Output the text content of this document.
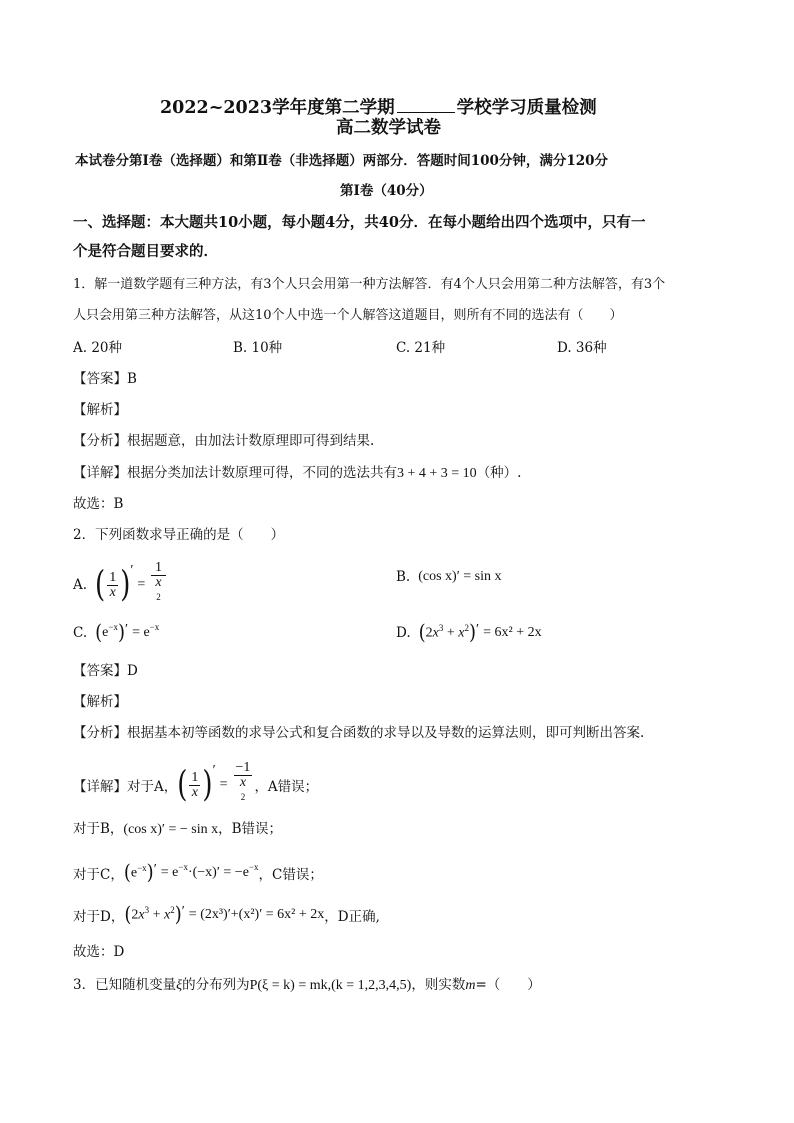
2022~2023学年度第二学期	学校学习质量检测
高二数学试卷
本试卷分第Ⅰ卷（选择题）和第Ⅱ卷（非选择题）两部分．答题时间100分钟，满分120分
第Ⅰ卷（40分）
一、选择题：本大题共10小题，每小题4分，共40分．在每小题给出四个选项中，只有一
个是符合题目要求的．
1．解一道数学题有三种方法，有3个人只会用第一种方法解答．有4个人只会用第二种方法解答，有3个
人只会用第三种方法解答，从这10个人中选一个人解答这道题目，则所有不同的选法有（　　）
A. 20种	B. 10种	C. 21种	D. 36种
【答案】B
【解析】
【分析】根据题意，由加法计数原理即可得到结果.
【详解】根据分类加法计数原理可得，不同的选法共有3 + 4 + 3 = 10（种）.
故选：B
2．下列函数求导正确的是（　　）
A. ( $\frac{1}{x}$ ) ′
= 1
x
$^2$	B. (cos x)′ = sin x
C. ( $e^{-x}$ ) ′ = $e^{-x}$	D. ( $2x^3 + x^2$ ) ′ = 6x² + 2x
【答案】D
【解析】
【分析】根据基本初等函数的求导公式和复合函数的求导以及导数的运算法则，即可判断出答案.
【详解】 对于A， ( $\frac{1}{x}$ ) ′
= −1
x
$^2$ ，A错误；
对于B，(cos x)′ = − sin x，B错误；
对于C， ( $e^{-x}$ ) ′ = $e^{-x} \cdot(-x)' = -e^{-x}$ ，C错误；
对于D， ( $2x^3 + x^2$ ) ′ = (2x³)′+(x²)′ = 6x² + 2x ，D正确,
故选：D
3．已知随机变量ξ的分布列为P(ξ = k) = mk,(k = 1,2,3,4,5)，则实数m=（　　）
